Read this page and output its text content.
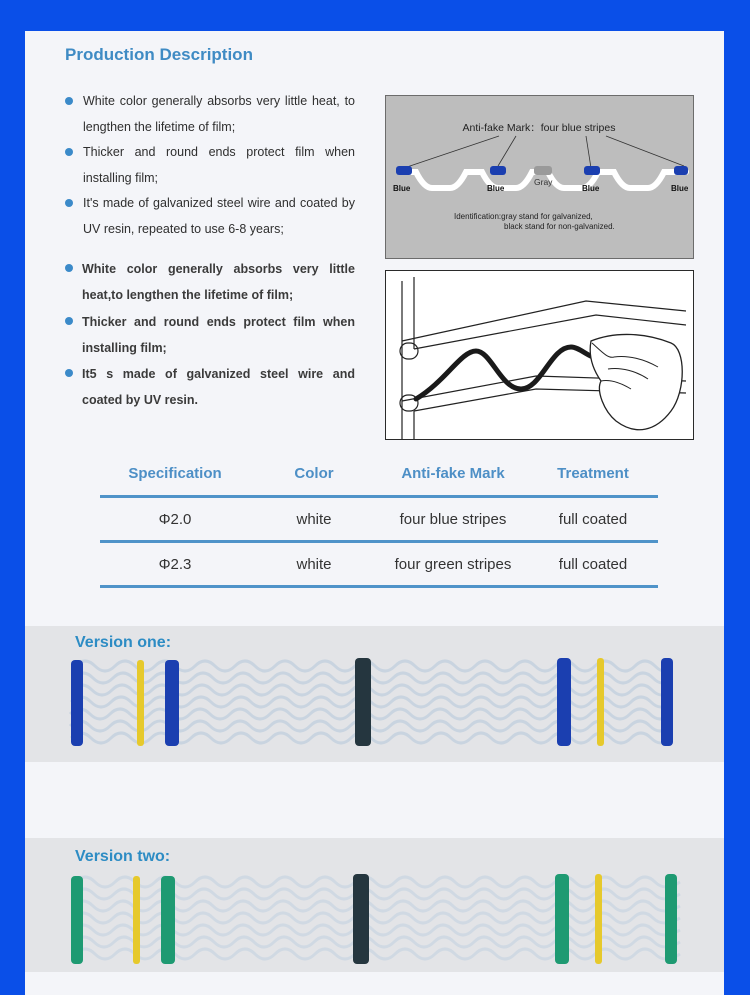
Production Description
White color generally absorbs very little heat, to lengthen the lifetime of film;
Thicker and round ends protect film when installing film;
It's made of galvanized steel wire and coated by UV resin, repeated to use 6-8 years;
White color generally absorbs very little heat,to lengthen the lifetime of film;
Thicker and round ends protect film when installing film;
It5 s made of galvanized steel wire and coated by UV resin.
Anti-fake Mark：four blue stripes
Blue	Blue	Blue	Blue
Gray
Identification:gray stand for galvanized,
black stand for non-galvanized.
Specification	Color	Anti-fake Mark	Treatment
Φ2.0	white	four blue stripes	full coated
Φ2.3	white	four green stripes	full coated
Version one:
Version two:
